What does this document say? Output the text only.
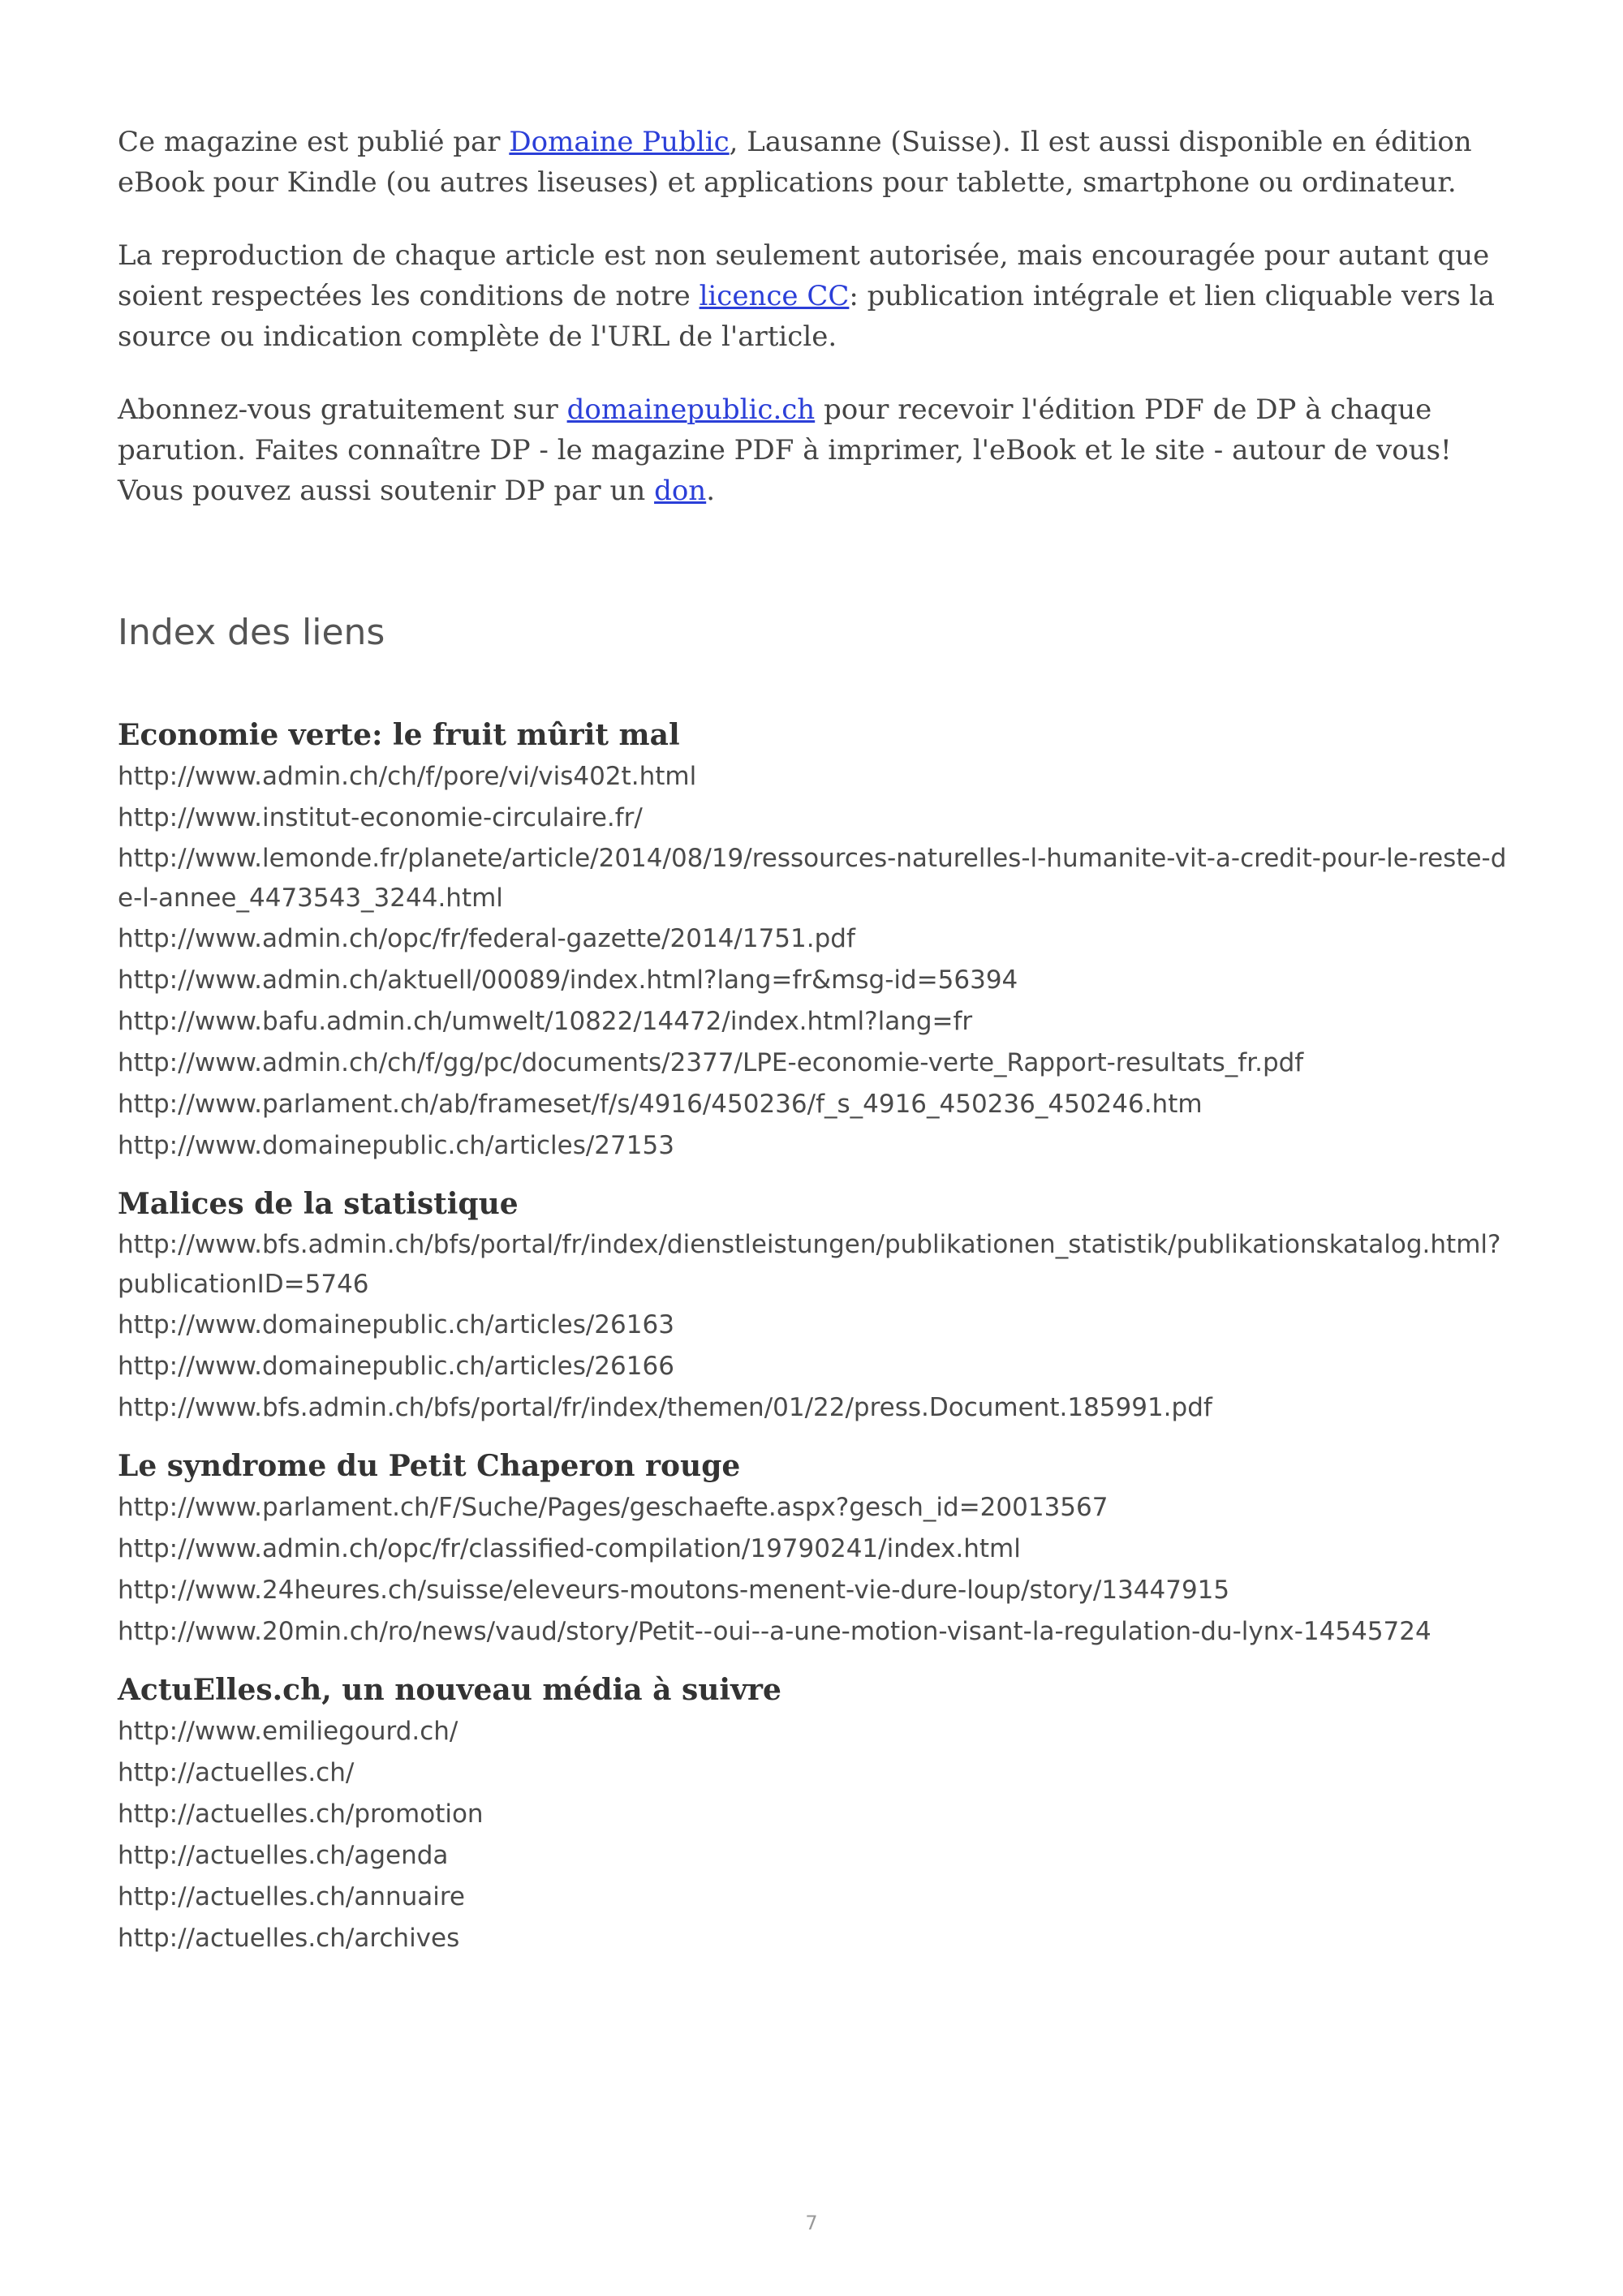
Ce magazine est publié par Domaine Public, Lausanne (Suisse). Il est aussi disponible en édition eBook pour Kindle (ou autres liseuses) et applications pour tablette, smartphone ou ordinateur.

La reproduction de chaque article est non seulement autorisée, mais encouragée pour autant que soient respectées les conditions de notre licence CC: publication intégrale et lien cliquable vers la source ou indication complète de l'URL de l'article.

Abonnez-vous gratuitement sur domainepublic.ch pour recevoir l'édition PDF de DP à chaque parution. Faites connaître DP - le magazine PDF à imprimer, l'eBook et le site - autour de vous! Vous pouvez aussi soutenir DP par un don.

Index des liens
Economie verte: le fruit mûrit mal
http://www.admin.ch/ch/f/pore/vi/vis402t.html
http://www.institut-economie-circulaire.fr/
http://www.lemonde.fr/planete/article/2014/08/19/ressources-naturelles-l-humanite-vit-a-credit-pour-le-reste-de-l-annee_4473543_3244.html
http://www.admin.ch/opc/fr/federal-gazette/2014/1751.pdf
http://www.admin.ch/aktuell/00089/index.html?lang=fr&msg-id=56394
http://www.bafu.admin.ch/umwelt/10822/14472/index.html?lang=fr
http://www.admin.ch/ch/f/gg/pc/documents/2377/LPE-economie-verte_Rapport-resultats_fr.pdf
http://www.parlament.ch/ab/frameset/f/s/4916/450236/f_s_4916_450236_450246.htm
http://www.domainepublic.ch/articles/27153
Malices de la statistique
http://www.bfs.admin.ch/bfs/portal/fr/index/dienstleistungen/publikationen_statistik/publikationskatalog.html?publicationID=5746
http://www.domainepublic.ch/articles/26163
http://www.domainepublic.ch/articles/26166
http://www.bfs.admin.ch/bfs/portal/fr/index/themen/01/22/press.Document.185991.pdf
Le syndrome du Petit Chaperon rouge
http://www.parlament.ch/F/Suche/Pages/geschaefte.aspx?gesch_id=20013567
http://www.admin.ch/opc/fr/classified-compilation/19790241/index.html
http://www.24heures.ch/suisse/eleveurs-moutons-menent-vie-dure-loup/story/13447915
http://www.20min.ch/ro/news/vaud/story/Petit--oui--a-une-motion-visant-la-regulation-du-lynx-14545724
ActuElles.ch, un nouveau média à suivre
http://www.emiliegourd.ch/
http://actuelles.ch/
http://actuelles.ch/promotion
http://actuelles.ch/agenda
http://actuelles.ch/annuaire
http://actuelles.ch/archives
7
